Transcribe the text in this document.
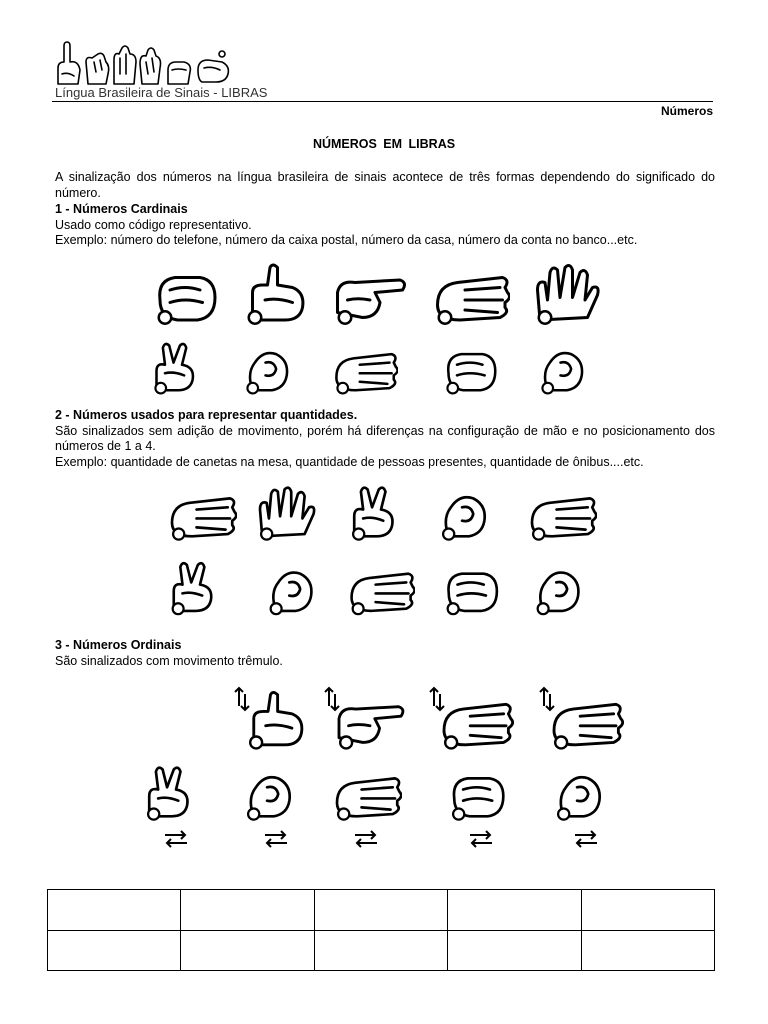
Língua Brasileira de Sinais - LIBRAS
Números
NÚMEROS EM LIBRAS
A sinalização dos números na língua brasileira de sinais acontece de três formas dependendo do significado do número.

1 - Números Cardinais

Usado como código representativo.

Exemplo: número do telefone, número da caixa postal, número da casa, número da conta no banco...etc.

2 - Números usados para representar quantidades.

São sinalizados sem adição de movimento, porém há diferenças na configuração de mão e no posicionamento dos números de 1 a 4.

Exemplo: quantidade de canetas na mesa, quantidade de pessoas presentes, quantidade de ônibus....etc.

3 - Números Ordinais

São sinalizados com movimento trêmulo.
